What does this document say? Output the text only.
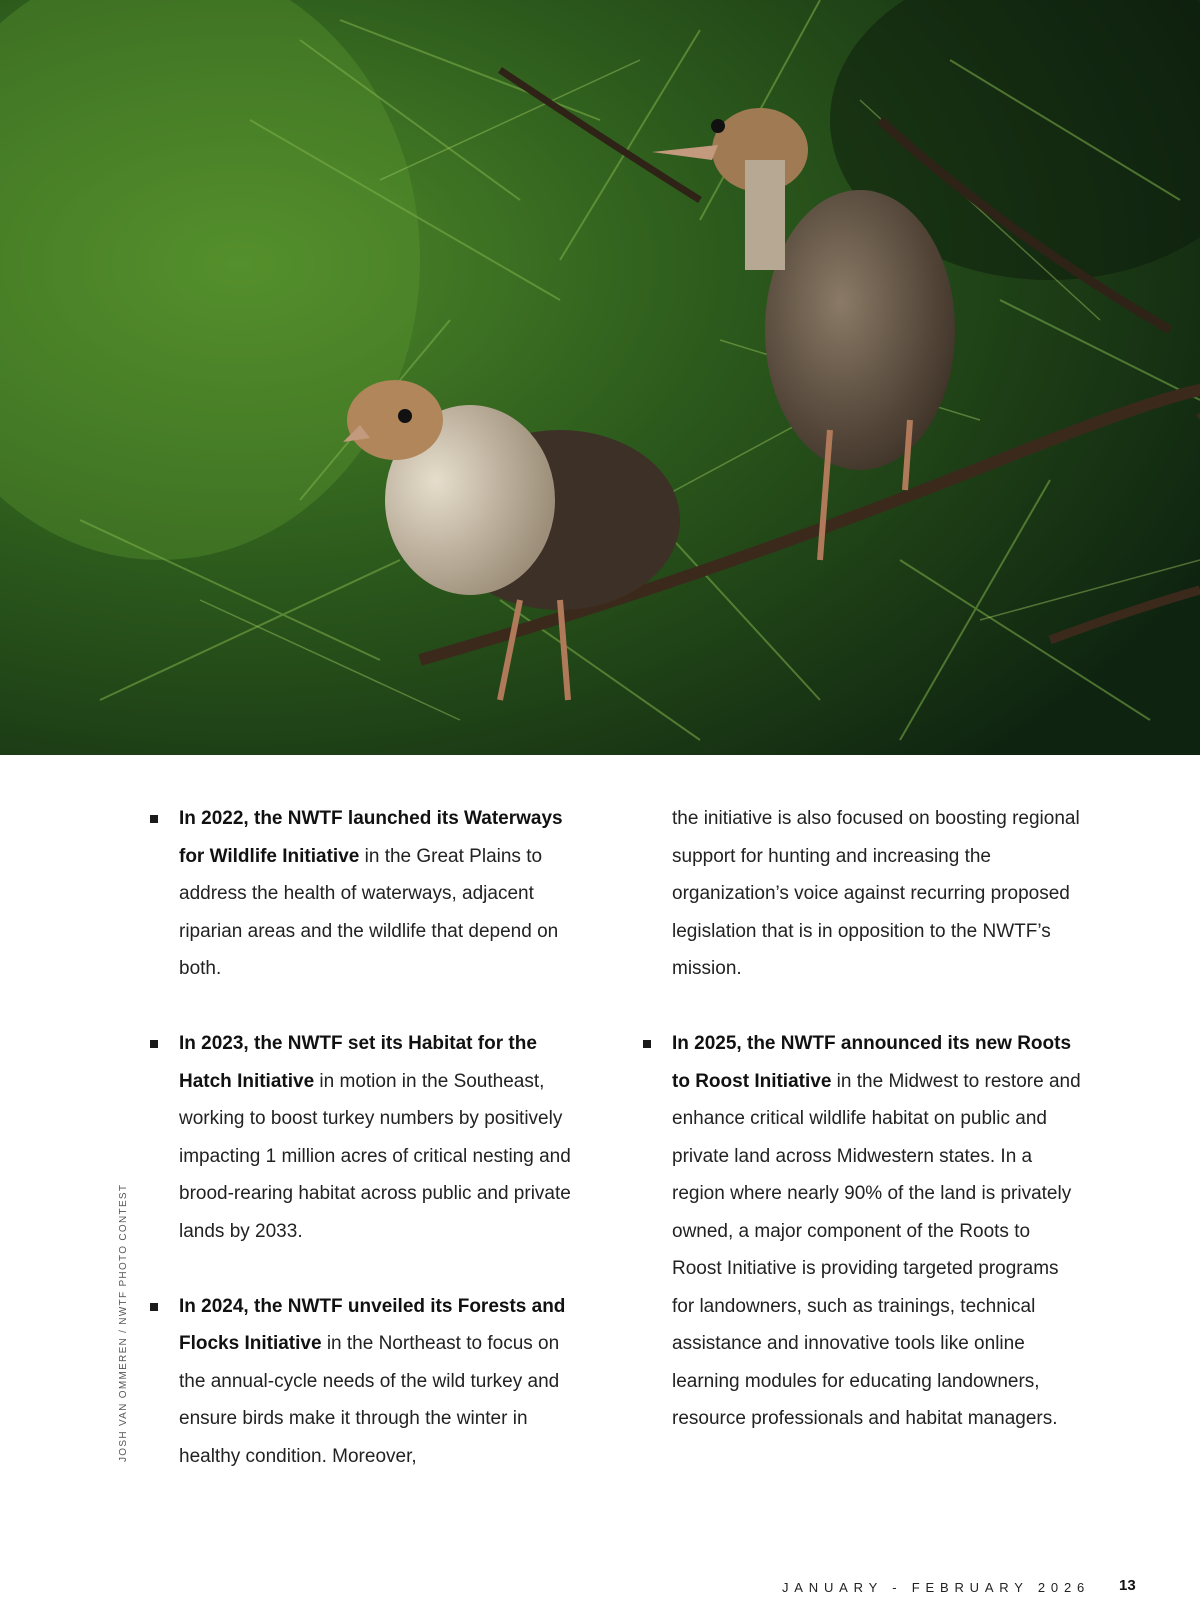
JOSH VAN OMMEREN / NWTF PHOTO CONTEST

In 2022, the NWTF launched its Waterways for Wildlife Initiative in the Great Plains to address the health of waterways, adjacent riparian areas and the wildlife that depend on both.

In 2023, the NWTF set its Habitat for the Hatch Initiative in motion in the Southeast, working to boost turkey numbers by positively impacting 1 million acres of critical nesting and brood-rearing habitat across public and private lands by 2033.

In 2024, the NWTF unveiled its Forests and Flocks Initiative in the Northeast to focus on the annual-cycle needs of the wild turkey and ensure birds make it through the winter in healthy condition. Moreover,

the initiative is also focused on boosting regional support for hunting and increasing the organization’s voice against recurring proposed legislation that is in opposition to the NWTF’s mission.

In 2025, the NWTF announced its new Roots to Roost Initiative in the Midwest to restore and enhance critical wildlife habitat on public and private land across Midwestern states. In a region where nearly 90% of the land is privately owned, a major component of the Roots to Roost Initiative is providing targeted programs for landowners, such as trainings, technical assistance and innovative tools like online learning modules for educating landowners, resource professionals and habitat managers.

JANUARY - FEBRUARY 2026 13
